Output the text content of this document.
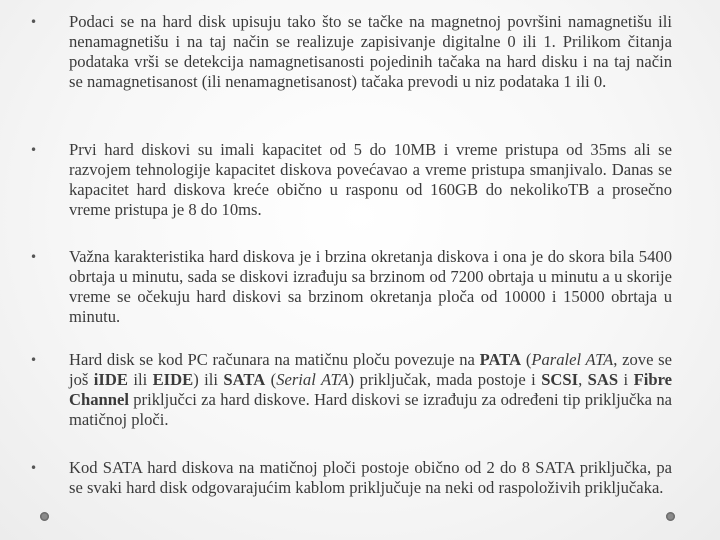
• Podaci se na hard disk upisuju tako što se tačke na magnetnoj površini namagnetišu ili nenamagnetišu i na taj način se realizuje zapisivanje digitalne 0 ili 1. Prilikom čitanja podataka vrši se detekcija namagnetisanosti pojedinih tačaka na hard disku i na taj način se namagnetisanost (ili nenamagnetisanost) tačaka prevodi u niz podataka 1 ili 0.
• Prvi hard diskovi su imali kapacitet od 5 do 10MB i vreme pristupa od 35ms ali se razvojem tehnologije kapacitet diskova povećavao a vreme pristupa smanjivalo. Danas se kapacitet hard diskova kreće obično u rasponu od 160GB do nekolikoTB a prosečno vreme pristupa je 8 do 10ms.
• Važna karakteristika hard diskova je i brzina okretanja diskova i ona je do skora bila 5400 obrtaja u minutu, sada se diskovi izrađuju sa brzinom od 7200 obrtaja u minutu a u skorije vreme se očekuju hard diskovi sa brzinom okretanja ploča od 10000 i 15000 obrtaja u minutu.
• Hard disk se kod PC računara na matičnu ploču povezuje na PATA (Paralel ATA, zove se još iIDE ili EIDE) ili SATA (Serial ATA) priključak, mada postoje i SCSI, SAS i Fibre Channel priključci za hard diskove. Hard diskovi se izrađuju za određeni tip priključka na matičnoj ploči.
• Kod SATA hard diskova na matičnoj ploči postoje obično od 2 do 8 SATA priključka, pa se svaki hard disk odgovarajućim kablom priključuje na neki od raspoloživih priključaka.
